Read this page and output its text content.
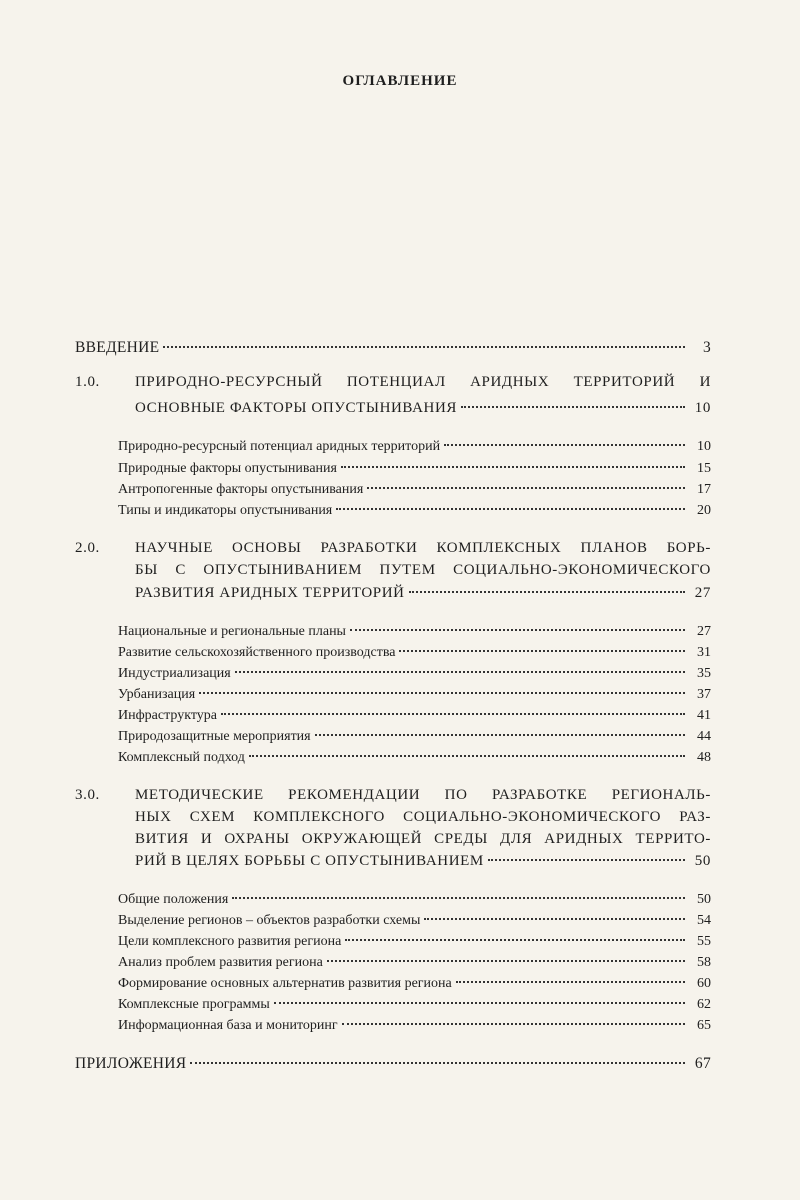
ОГЛАВЛЕНИЕ
ВВЕДЕНИЕ	3
1.0. ПРИРОДНО-РЕСУРСНЫЙ ПОТЕНЦИАЛ АРИДНЫХ ТЕРРИТОРИЙ И
ОСНОВНЫЕ ФАКТОРЫ ОПУСТЫНИВАНИЯ	10
Природно-ресурсный потенциал аридных территорий	10
Природные факторы опустынивания	15
Антропогенные факторы опустынивания	17
Типы и индикаторы опустынивания	20
2.0. НАУЧНЫЕ ОСНОВЫ РАЗРАБОТКИ КОМПЛЕКСНЫХ ПЛАНОВ БОРЬ-
БЫ С ОПУСТЫНИВАНИЕМ ПУТЕМ СОЦИАЛЬНО-ЭКОНОМИЧЕСКОГО
РАЗВИТИЯ АРИДНЫХ ТЕРРИТОРИЙ	27
Национальные и региональные планы	27
Развитие сельскохозяйственного производства	31
Индустриализация	35
Урбанизация	37
Инфраструктура	41
Природозащитные мероприятия	44
Комплексный подход	48
3.0. МЕТОДИЧЕСКИЕ РЕКОМЕНДАЦИИ ПО РАЗРАБОТКЕ РЕГИОНАЛЬ-
НЫХ СХЕМ КОМПЛЕКСНОГО СОЦИАЛЬНО-ЭКОНОМИЧЕСКОГО РАЗ-
ВИТИЯ И ОХРАНЫ ОКРУЖАЮЩЕЙ СРЕДЫ ДЛЯ АРИДНЫХ ТЕРРИТО-
РИЙ В ЦЕЛЯХ БОРЬБЫ С ОПУСТЫНИВАНИЕМ	50
Общие положения	50
Выделение регионов – объектов разработки схемы	54
Цели комплексного развития региона	55
Анализ проблем развития региона	58
Формирование основных альтернатив развития региона	60
Комплексные программы	62
Информационная база и мониторинг	65
ПРИЛОЖЕНИЯ	67
